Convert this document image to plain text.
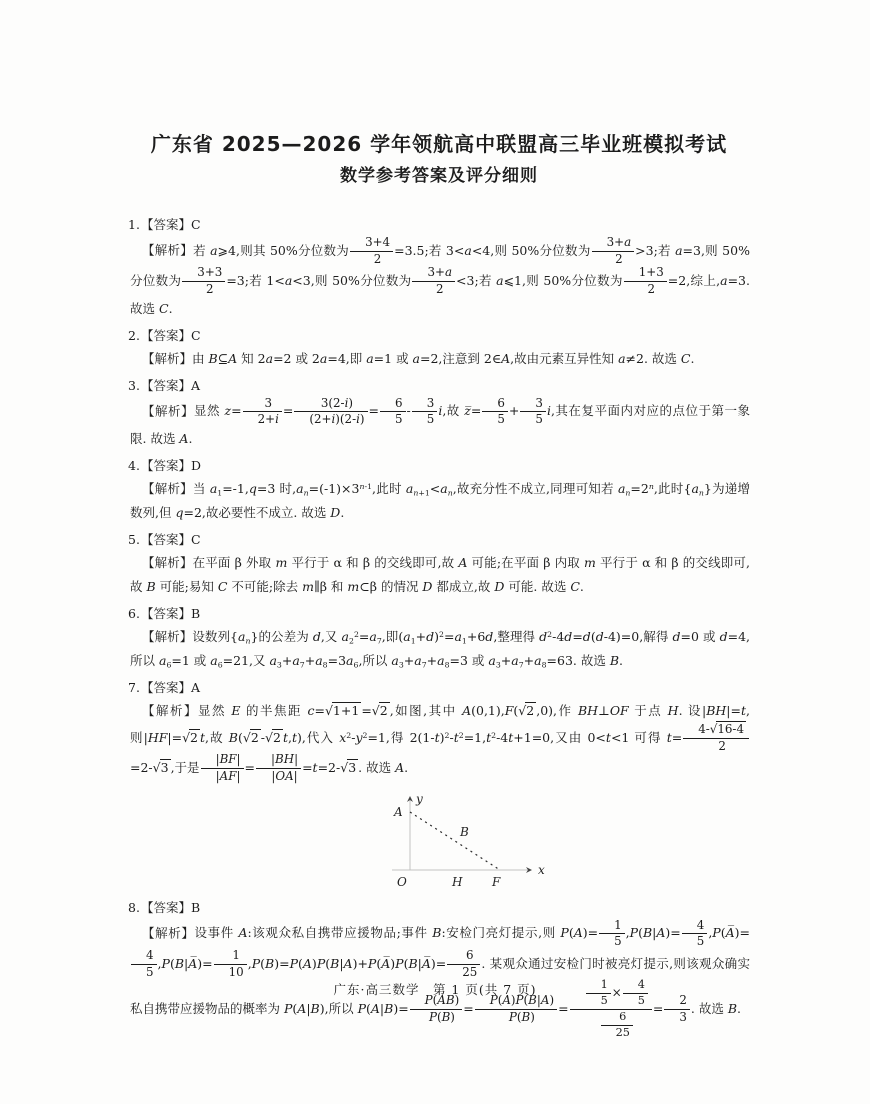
广东省 2025—2026 学年领航高中联盟高三毕业班模拟考试
数学参考答案及评分细则

1.【答案】C

【解析】若 a⩾4,则其 50%分位数为 $\frac{3+4}{2} =3.5$;若 3<a<4,则 50%分位数为 $\frac{3+a}{2} >3$;若 a=3,则 50%分位数为 $\frac{3+3}{2} =3$;若 1<a<3,则 50%分位数为 $\frac{3+a}{2} <3$;若 a⩽1,则 50%分位数为 $\frac{1+3}{2} =2$,综上,a=3. 故选 C.

2.【答案】C

【解析】由 B⊆A 知 2a=2 或 2a=4,即 a=1 或 a=2,注意到 2∈A,故由元素互异性知 a≠2. 故选 C.

3.【答案】A

【解析】显然 $z= \frac{3}{2+i} = \frac{3(2-i)}{(2+i)(2-i)} = \frac{6}{5} - \frac{3}{5} i$,故 z̅= $\frac{6}{5} + \frac{3}{5} i$,其在复平面内对应的点位于第一象限. 故选 A.

4.【答案】D

【解析】当 $a_1=-1,q=3$ 时$,a_n=(-1)\times 3^{n-1}$,此时 $a_{n+1}<a_n$,故充分性不成立,同理可知若 $a_n=2^n$,此时$\{a_n\}$为递增数列,但 q=2,故必要性不成立. 故选 D.

5.【答案】C

【解析】在平面 β 外取 m 平行于 α 和 β 的交线即可,故 A 可能;在平面 β 内取 m 平行于 α 和 β 的交线即可,故 B 可能;易知 C 不可能;除去 m∥β 和 m⊂β 的情况 D 都成立,故 D 可能. 故选 C.

6.【答案】B

【解析】设数列$\{a_n\}$的公差为 d,又 $a_2^2=a_7$,即$(a_1+d)^2=a_1+6d$,整理得 $d^2-4d=d(d-4)=0$,解得 d=0 或 d=4,所以 $a_6=1$ 或 $a_6=21$,又 $a_3+a_7+a_8=3a_6$,所以 $a_3+a_7+a_8=3$ 或 $a_3+a_7+a_8=63$. 故选 B.

7.【答案】A

【解析】显然 E 的半焦距 c=√1+1 =√2 ,如图,其中 A(0,1),F(√2 ,0),作 BH⊥OF 于点 H. 设|BH|=t,则|HF|=√2 t,故 B(√2 -√2 t,t),代入 $x^2-y^2=1$,得 $2(1-t)^2-t^2=1,t^2-4t+1=0$,又由 0<t<1 可得 $t= \frac{4-√16-4}{2}$
=2-√3 ,于是 $\frac{|BF|}{|AF|} = \frac{|BH|}{|OA|} =t=2-√3$ . 故选 A.

y
x
A
B
O	H F

8.【答案】B

【解析】设事件 A:该观众私自携带应援物品;事件 B:安检门亮灯提示,则 $P(A)= \frac{1}{5} ,P(B|A)= \frac{4}{5}$ ,P(A̅)=
$\frac{4}{5}$ ,P(B|A̅)= $\frac{1}{10}$ ,P(B)=P(A)P(B|A)+P(A̅)P(B|A̅)= $\frac{6}{25}$ . 某观众通过安检门时被亮灯提示,则该观众确实私自携带应援物品的概率为 P(A|B),所以 $P(A|B)= \frac{P(AB)}{P(B)} = \frac{P(A)P(B|A)}{P(B)} = \frac{\frac{1}{5} \times \frac{4}{5}}{\frac{6}{25}} = \frac{2}{3}$ . 故选 B.

广东·高三数学　第 1 页(共 7 页)
